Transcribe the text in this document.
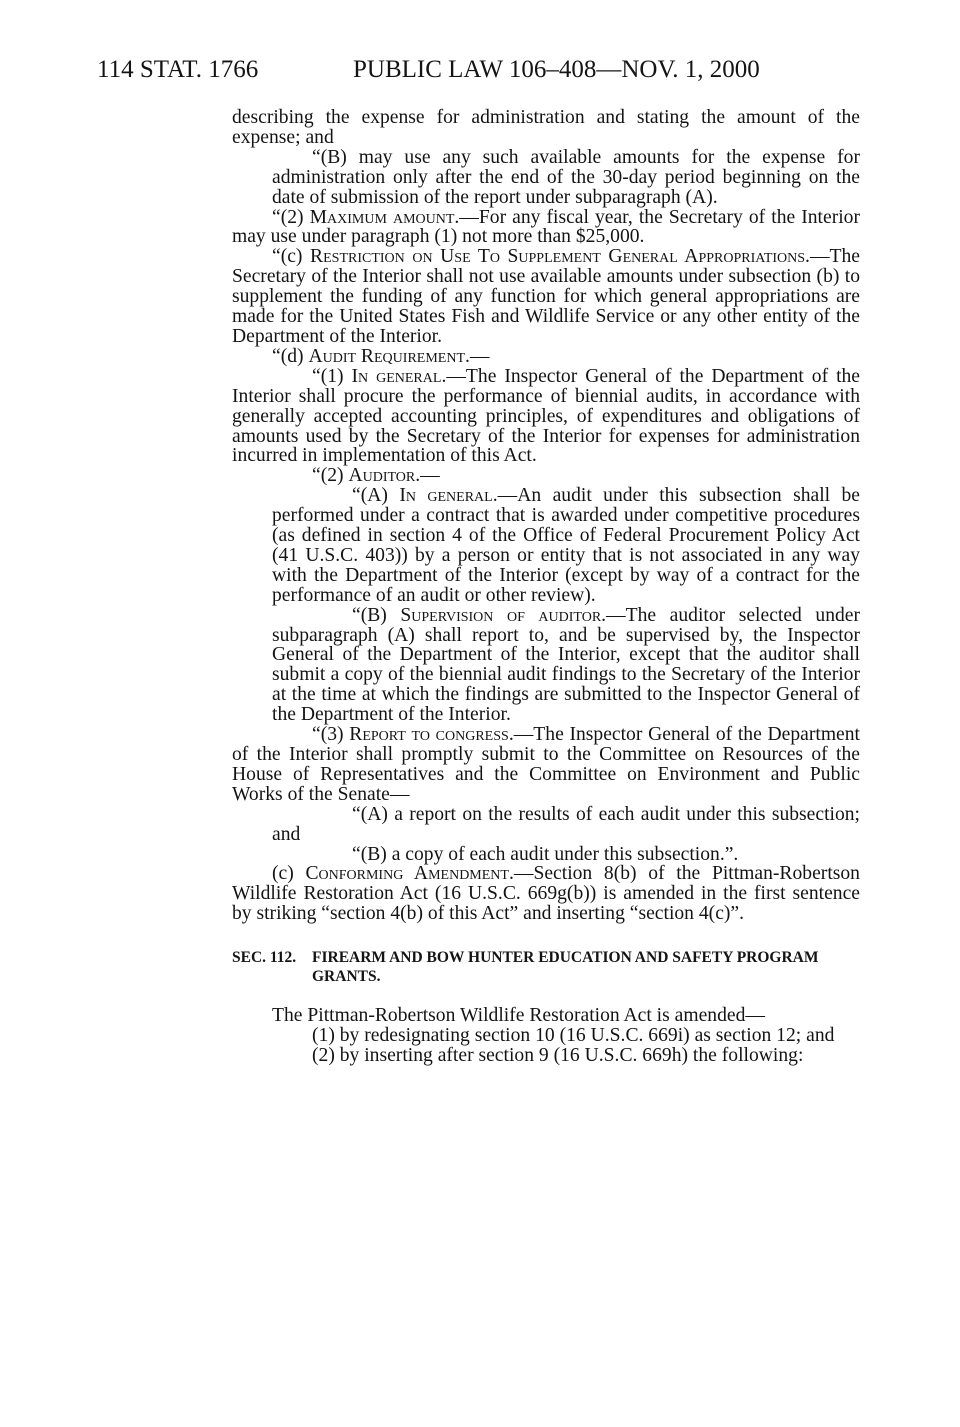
114 STAT. 1766	PUBLIC LAW 106–408—NOV. 1, 2000

describing the expense for administration and stating the amount of the expense; and

“(B) may use any such available amounts for the expense for administration only after the end of the 30-day period beginning on the date of submission of the report under subparagraph (A).

“(2) Maximum amount.—For any fiscal year, the Secretary of the Interior may use under paragraph (1) not more than $25,000.

“(c) Restriction on Use To Supplement General Appropriations.—The Secretary of the Interior shall not use available amounts under subsection (b) to supplement the funding of any function for which general appropriations are made for the United States Fish and Wildlife Service or any other entity of the Department of the Interior.

“(d) Audit Requirement.—

“(1) In general.—The Inspector General of the Department of the Interior shall procure the performance of biennial audits, in accordance with generally accepted accounting principles, of expenditures and obligations of amounts used by the Secretary of the Interior for expenses for administration incurred in implementation of this Act.

“(2) Auditor.—

“(A) In general.—An audit under this subsection shall be performed under a contract that is awarded under competitive procedures (as defined in section 4 of the Office of Federal Procurement Policy Act (41 U.S.C. 403)) by a person or entity that is not associated in any way with the Department of the Interior (except by way of a contract for the performance of an audit or other review).

“(B) Supervision of auditor.—The auditor selected under subparagraph (A) shall report to, and be supervised by, the Inspector General of the Department of the Interior, except that the auditor shall submit a copy of the biennial audit findings to the Secretary of the Interior at the time at which the findings are submitted to the Inspector General of the Department of the Interior.

“(3) Report to congress.—The Inspector General of the Department of the Interior shall promptly submit to the Committee on Resources of the House of Representatives and the Committee on Environment and Public Works of the Senate—

“(A) a report on the results of each audit under this subsection; and

“(B) a copy of each audit under this subsection.”.

(c) Conforming Amendment.—Section 8(b) of the Pittman-Robertson Wildlife Restoration Act (16 U.S.C. 669g(b)) is amended in the first sentence by striking “section 4(b) of this Act” and inserting “section 4(c)”.

SEC. 112. FIREARM AND BOW HUNTER EDUCATION AND SAFETY PROGRAM GRANTS.

The Pittman-Robertson Wildlife Restoration Act is amended—

(1) by redesignating section 10 (16 U.S.C. 669i) as section 12; and

(2) by inserting after section 9 (16 U.S.C. 669h) the following:
